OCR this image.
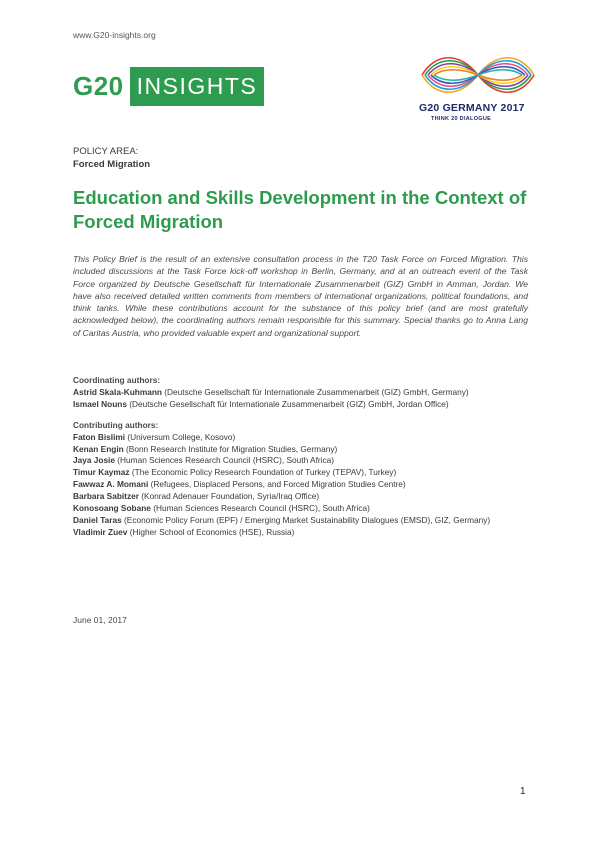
www.G20-insights.org
G20 INSIGHTS
G20 GERMANY 2017
THINK 20 DIALOGUE
POLICY AREA:
Forced Migration
Education and Skills Development in the Context of Forced Migration

This Policy Brief is the result of an extensive consultation process in the T20 Task Force on Forced Migration. This included discussions at the Task Force kick-off workshop in Berlin, Germany, and at an outreach event of the Task Force organized by Deutsche Gesellschaft für Internationale Zusammenarbeit (GIZ) GmbH in Amman, Jordan. We have also received detailed written comments from members of international organizations, political foundations, and think tanks. While these contributions account for the substance of this policy brief (and are most gratefully acknowledged below), the coordinating authors remain responsible for this summary. Special thanks go to Anna Lang of Caritas Austria, who provided valuable expert and organizational support.

Coordinating authors:
Astrid Skala-Kuhmann (Deutsche Gesellschaft für Internationale Zusammenarbeit (GIZ) GmbH, Germany)
Ismael Nouns (Deutsche Gesellschaft für Internationale Zusammenarbeit (GIZ) GmbH, Jordan Office)
Contributing authors:
Faton Bislimi (Universum College, Kosovo)
Kenan Engin (Bonn Research Institute for Migration Studies, Germany)
Jaya Josie (Human Sciences Research Council (HSRC), South Africa)
Timur Kaymaz (The Economic Policy Research Foundation of Turkey (TEPAV), Turkey)
Fawwaz A. Momani (Refugees, Displaced Persons, and Forced Migration Studies Centre)
Barbara Sabitzer (Konrad Adenauer Foundation, Syria/Iraq Office)
Konosoang Sobane (Human Sciences Research Council (HSRC), South Africa)
Daniel Taras (Economic Policy Forum (EPF) / Emerging Market Sustainability Dialogues (EMSD), GIZ, Germany)
Vladimir Zuev (Higher School of Economics (HSE), Russia)
June 01, 2017
1
